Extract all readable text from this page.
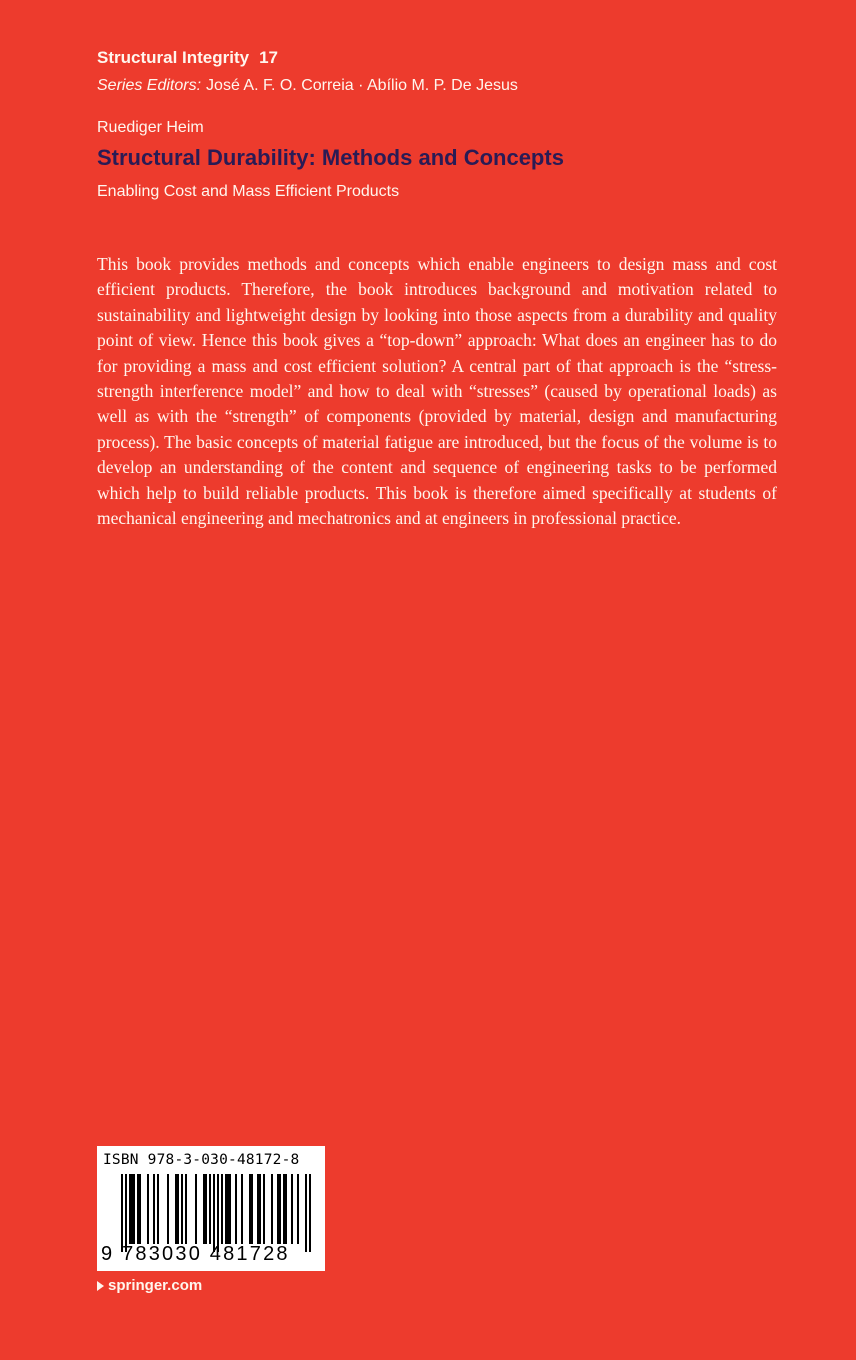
Structural Integrity 17
Series Editors: José A. F. O. Correia · Abílio M. P. De Jesus
Ruediger Heim
Structural Durability: Methods and Concepts
Enabling Cost and Mass Efficient Products

This book provides methods and concepts which enable engineers to design mass and cost efficient products. Therefore, the book introduces background and motivation related to sustainability and lightweight design by looking into those aspects from a durability and quality point of view. Hence this book gives a “top-down” approach: What does an engineer has to do for providing a mass and cost efficient solution? A central part of that approach is the “stress-strength interference model” and how to deal with “stresses” (caused by operational loads) as well as with the “strength” of components (provided by material, design and manufacturing process). The basic concepts of material fatigue are introduced, but the focus of the volume is to develop an understanding of the content and sequence of engineering tasks to be performed which help to build reliable products. This book is therefore aimed specifically at students of mechanical engineering and mechatronics and at engineers in professional practice.

ISBN 978-3-030-48172-8
9 783030 481728
springer.com
